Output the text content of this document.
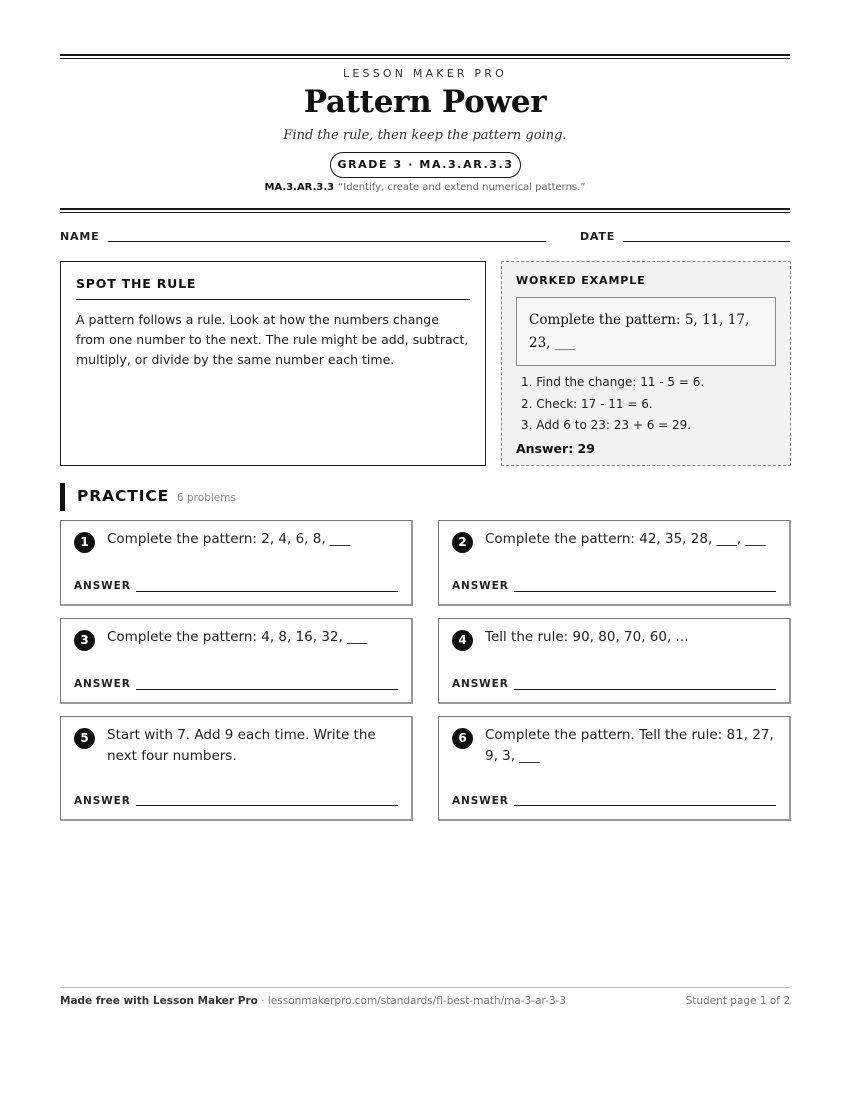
LESSON MAKER PRO
Pattern Power
Find the rule, then keep the pattern going.
GRADE 3 · MA.3.AR.3.3
MA.3.AR.3.3 “Identify, create and extend numerical patterns.”
NAME	DATE
SPOT THE RULE
A pattern follows a rule. Look at how the numbers change from one number to the next. The rule might be add, subtract, multiply, or divide by the same number each time.
WORKED EXAMPLE
Complete the pattern: 5, 11, 17, 23, ___
1. Find the change: 11 - 5 = 6.
2. Check: 17 - 11 = 6.
3. Add 6 to 23: 23 + 6 = 29.
Answer: 29
PRACTICE 6 problems
1	Complete the pattern: 2, 4, 6, 8, ___
ANSWER
2	Complete the pattern: 42, 35, 28, ___, ___
ANSWER
3	Complete the pattern: 4, 8, 16, 32, ___
ANSWER
4	Tell the rule: 90, 80, 70, 60, ...
ANSWER
5	Start with 7. Add 9 each time. Write the next four numbers.
ANSWER
6	Complete the pattern. Tell the rule: 81, 27, 9, 3, ___
ANSWER
Made free with Lesson Maker Pro · lessonmakerpro.com/standards/fl-best-math/ma-3-ar-3-3	Student page 1 of 2
